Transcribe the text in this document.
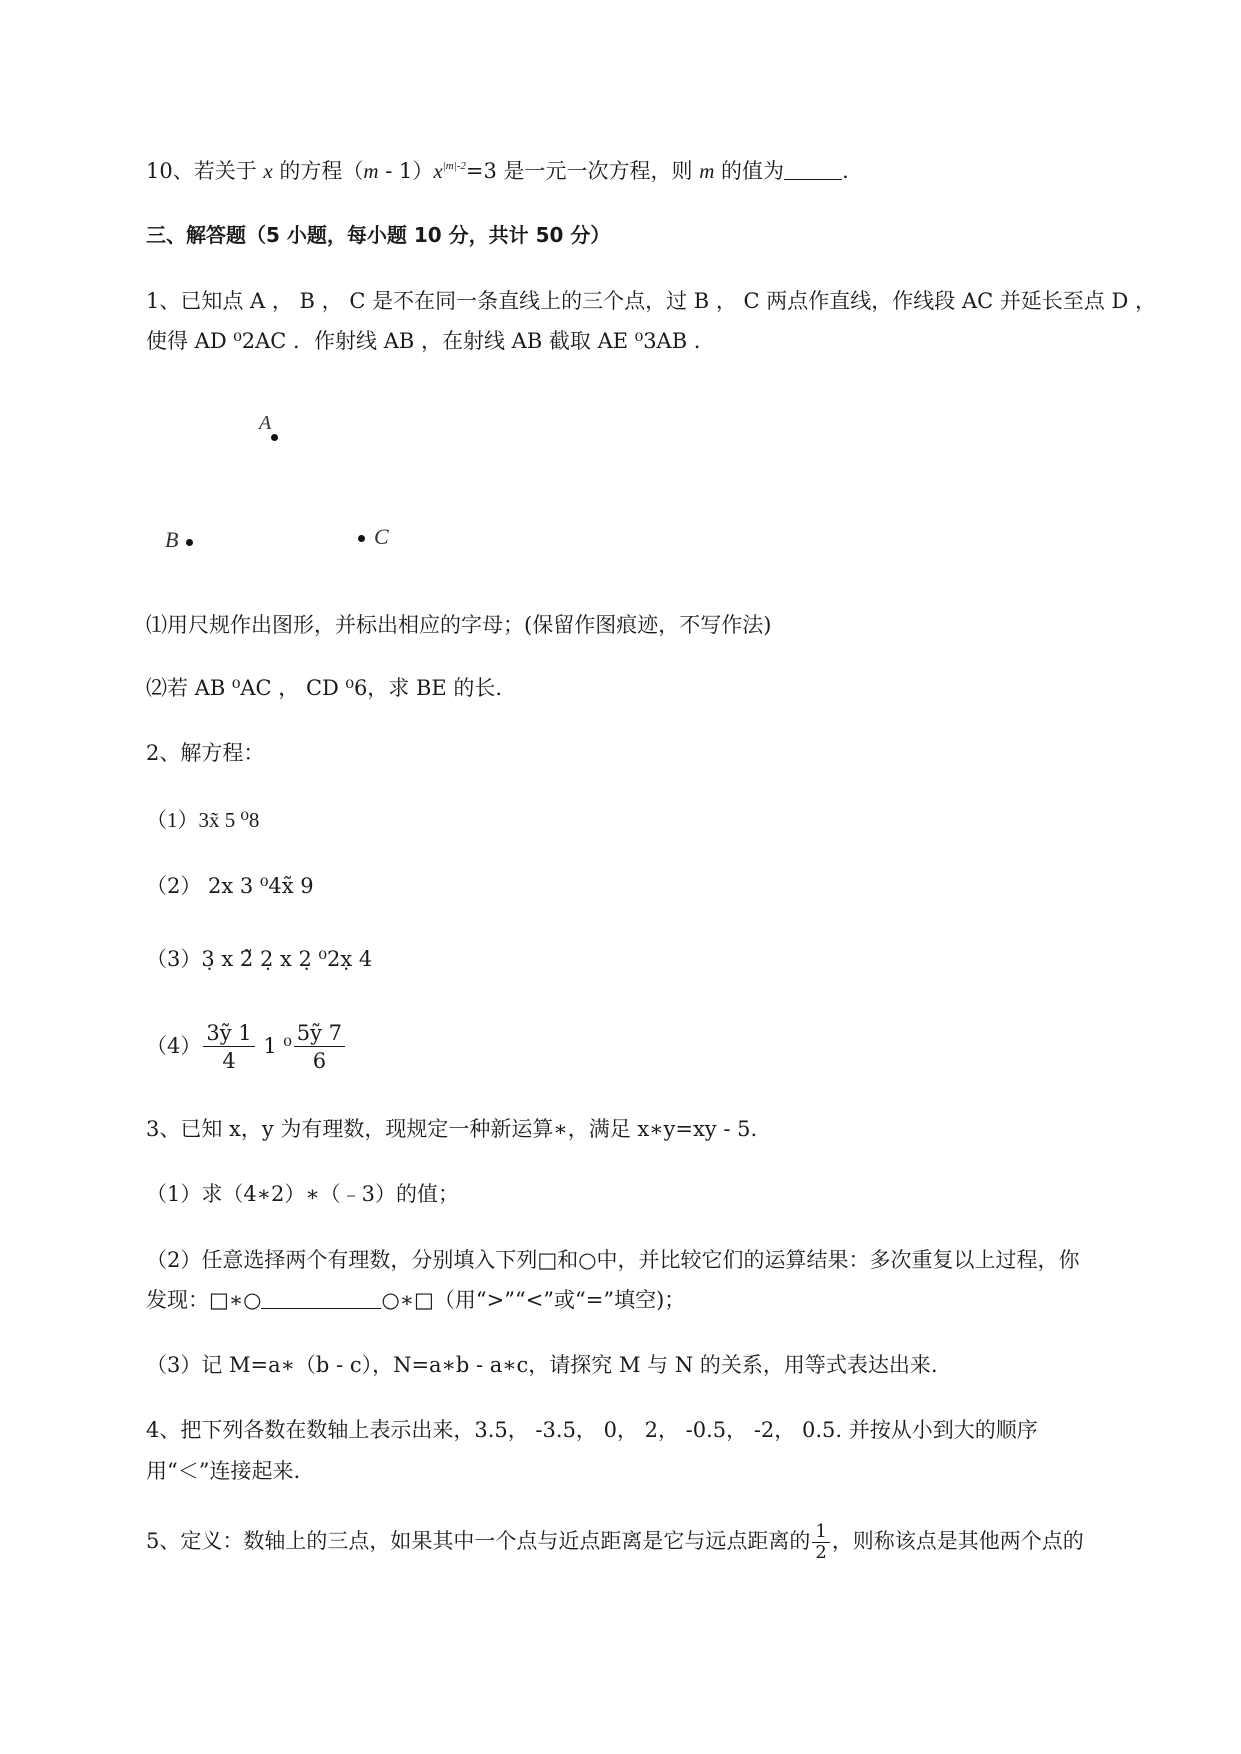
10、若关于 x 的方程$(m - 1)x^{|m|-2}=3$ 是一元一次方程，则 m 的值为	.
三、解答题（5 小题，每小题 10 分，共计 50 分）
1、已知点 A ， B ， C 是不在同一条直线上的三个点，过 B ， C 两点作直线，作线段 AC 并延长至点 D ，
使得 AD ⁰2AC ．作射线 AB ，在射线 AB 截取 AE ⁰3AB ．
A
B	C
⑴用尺规作出图形，并标出相应的字母；(保留作图痕迹，不写作法)
⑵若 AB ⁰AC ， CD ⁰6，求 BE 的长.
2、解方程：
（1）3x̃ 5 ⁰8
（2） 2x 3 ⁰4x̃ 9
（3）3̣ x 2̃ 2̣ x 2̣ ⁰2x̣ 4
$(4) \frac{\text{3ỹ 1}}{4} 1$ $^0 \frac{\text{5ỹ 7}}{6}$
3、已知 x，y 为有理数，现规定一种新运算∗，满足 x∗y=xy - 5.
（1）求（4∗2）∗（﹣3）的值；
（2）任意选择两个有理数，分别填入下列□和○中，并比较它们的运算结果：多次重复以上过程，你
发现：□∗○	○∗□（用“>”“<”或“=”填空)；
（3）记 M=a∗（b - c），N=a∗b - a∗c，请探究 M 与 N 的关系，用等式表达出来.
4、把下列各数在数轴上表示出来，3.5， -3.5， 0， 2， -0.5， -2， 0.5. 并按从小到大的顺序
用“＜”连接起来.
5、定义：数轴上的三点，如果其中一个点与近点距离是它与远点距离的 $\frac{1}{2}$ ，则称该点是其他两个点的
